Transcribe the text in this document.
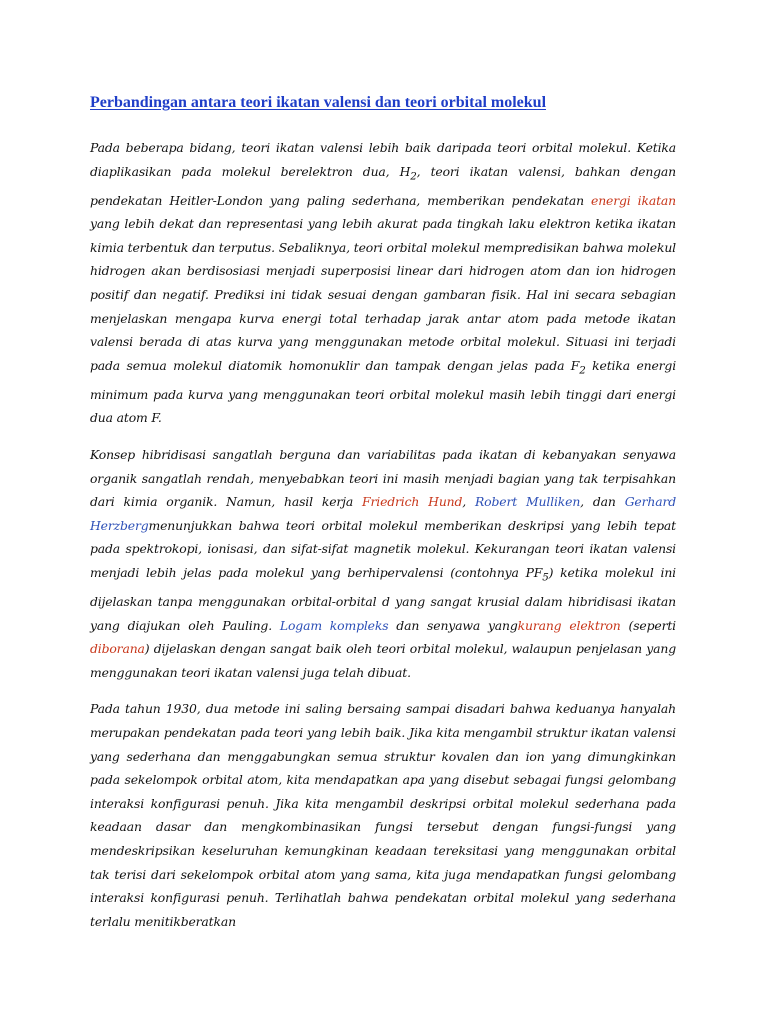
Perbandingan antara teori ikatan valensi dan teori orbital molekul

Pada beberapa bidang, teori ikatan valensi lebih baik daripada teori orbital molekul. Ketika diaplikasikan pada molekul berelektron dua, $H_2$, teori ikatan valensi, bahkan dengan pendekatan Heitler-London yang paling sederhana, memberikan pendekatan energi ikatan yang lebih dekat dan representasi yang lebih akurat pada tingkah laku elektron ketika ikatan kimia terbentuk dan terputus. Sebaliknya, teori orbital molekul mempredisikan bahwa molekul hidrogen akan berdisosiasi menjadi superposisi linear dari hidrogen atom dan ion hidrogen positif dan negatif. Prediksi ini tidak sesuai dengan gambaran fisik. Hal ini secara sebagian menjelaskan mengapa kurva energi total terhadap jarak antar atom pada metode ikatan valensi berada di atas kurva yang menggunakan metode orbital molekul. Situasi ini terjadi pada semua molekul diatomik homonuklir dan tampak dengan jelas pada $F_2$ ketika energi minimum pada kurva yang menggunakan teori orbital molekul masih lebih tinggi dari energi dua atom F.

Konsep hibridisasi sangatlah berguna dan variabilitas pada ikatan di kebanyakan senyawa organik sangatlah rendah, menyebabkan teori ini masih menjadi bagian yang tak terpisahkan dari kimia organik. Namun, hasil kerja Friedrich Hund, Robert Mulliken, dan Gerhard Herzbergmenunjukkan bahwa teori orbital molekul memberikan deskripsi yang lebih tepat pada spektrokopi, ionisasi, dan sifat-sifat magnetik molekul. Kekurangan teori ikatan valensi menjadi lebih jelas pada molekul yang berhipervalensi (contohnya $PF_5$) ketika molekul ini dijelaskan tanpa menggunakan orbital-orbital d yang sangat krusial dalam hibridisasi ikatan yang diajukan oleh Pauling. Logam kompleks dan senyawa yangkurang elektron (seperti diborana) dijelaskan dengan sangat baik oleh teori orbital molekul, walaupun penjelasan yang menggunakan teori ikatan valensi juga telah dibuat.

Pada tahun 1930, dua metode ini saling bersaing sampai disadari bahwa keduanya hanyalah merupakan pendekatan pada teori yang lebih baik. Jika kita mengambil struktur ikatan valensi yang sederhana dan menggabungkan semua struktur kovalen dan ion yang dimungkinkan pada sekelompok orbital atom, kita mendapatkan apa yang disebut sebagai fungsi gelombang interaksi konfigurasi penuh. Jika kita mengambil deskripsi orbital molekul sederhana pada keadaan dasar dan mengkombinasikan fungsi tersebut dengan fungsi-fungsi yang mendeskripsikan keseluruhan kemungkinan keadaan tereksitasi yang menggunakan orbital tak terisi dari sekelompok orbital atom yang sama, kita juga mendapatkan fungsi gelombang interaksi konfigurasi penuh. Terlihatlah bahwa pendekatan orbital molekul yang sederhana terlalu menitikberatkan
